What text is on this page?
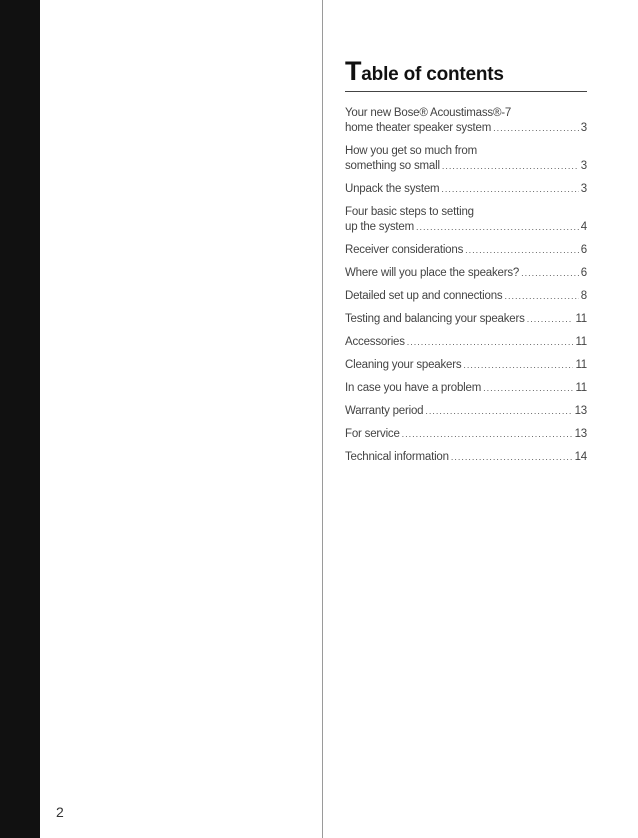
Table of contents
Your new Bose® Acoustimass®-7
home theater speaker system .....	3
How you get so much from
something so small .....	3
Unpack the system .....	3
Four basic steps to setting
up the system .....	4
Receiver considerations .....	6
Where will you place the speakers? .....	6
Detailed set up and connections .....	8
Testing and balancing your speakers .....	11
Accessories .....	11
Cleaning your speakers .....	11
In case you have a problem .....	11
Warranty period .....	13
For service .....	13
Technical information .....	14
2
